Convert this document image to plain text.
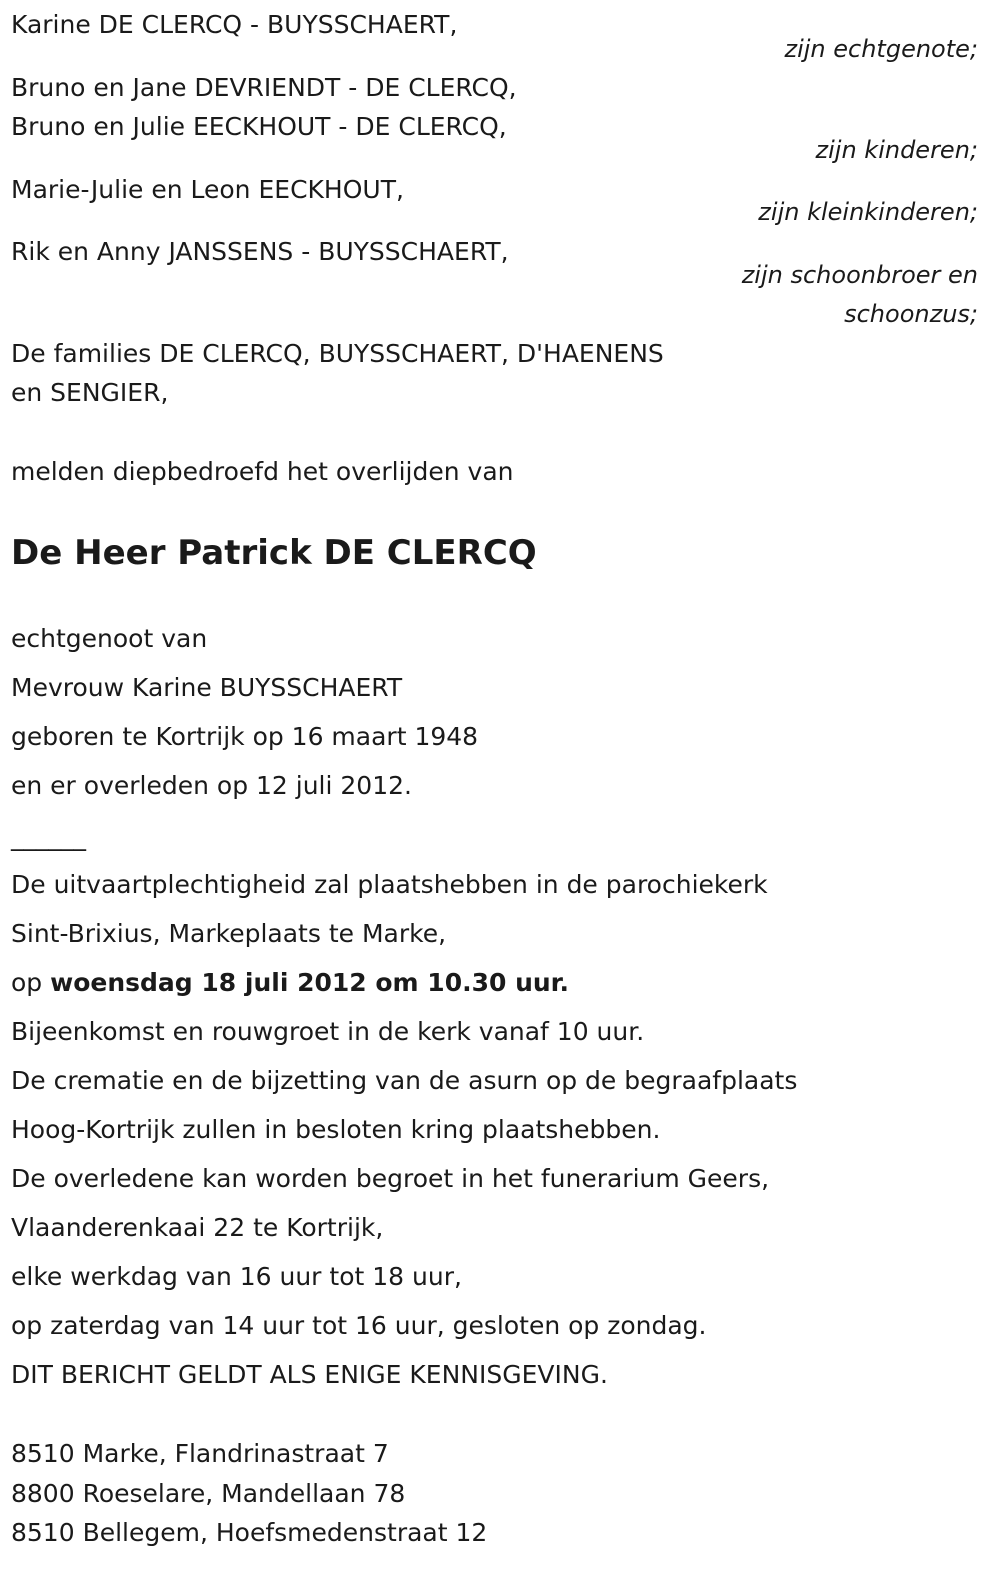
Karine DE CLERCQ - BUYSSCHAERT,
zijn echtgenote;
Bruno en Jane DEVRIENDT - DE CLERCQ,
Bruno en Julie EECKHOUT - DE CLERCQ,
zijn kinderen;
Marie-Julie en Leon EECKHOUT,
zijn kleinkinderen;
Rik en Anny JANSSENS - BUYSSCHAERT,
zijn schoonbroer en
schoonzus;
De families DE CLERCQ, BUYSSCHAERT, D'HAENENS
en SENGIER,
melden diepbedroefd het overlijden van
De Heer Patrick DE CLERCQ
echtgenoot van
Mevrouw Karine BUYSSCHAERT
geboren te Kortrijk op 16 maart 1948
en er overleden op 12 juli 2012.
______
De uitvaartplechtigheid zal plaatshebben in de parochiekerk
Sint-Brixius, Markeplaats te Marke,
op woensdag 18 juli 2012 om 10.30 uur.
Bijeenkomst en rouwgroet in de kerk vanaf 10 uur.
De crematie en de bijzetting van de asurn op de begraafplaats
Hoog-Kortrijk zullen in besloten kring plaatshebben.
De overledene kan worden begroet in het funerarium Geers,
Vlaanderenkaai 22 te Kortrijk,
elke werkdag van 16 uur tot 18 uur,
op zaterdag van 14 uur tot 16 uur, gesloten op zondag.
DIT BERICHT GELDT ALS ENIGE KENNISGEVING.
8510 Marke, Flandrinastraat 7
8800 Roeselare, Mandellaan 78
8510 Bellegem, Hoefsmedenstraat 12
